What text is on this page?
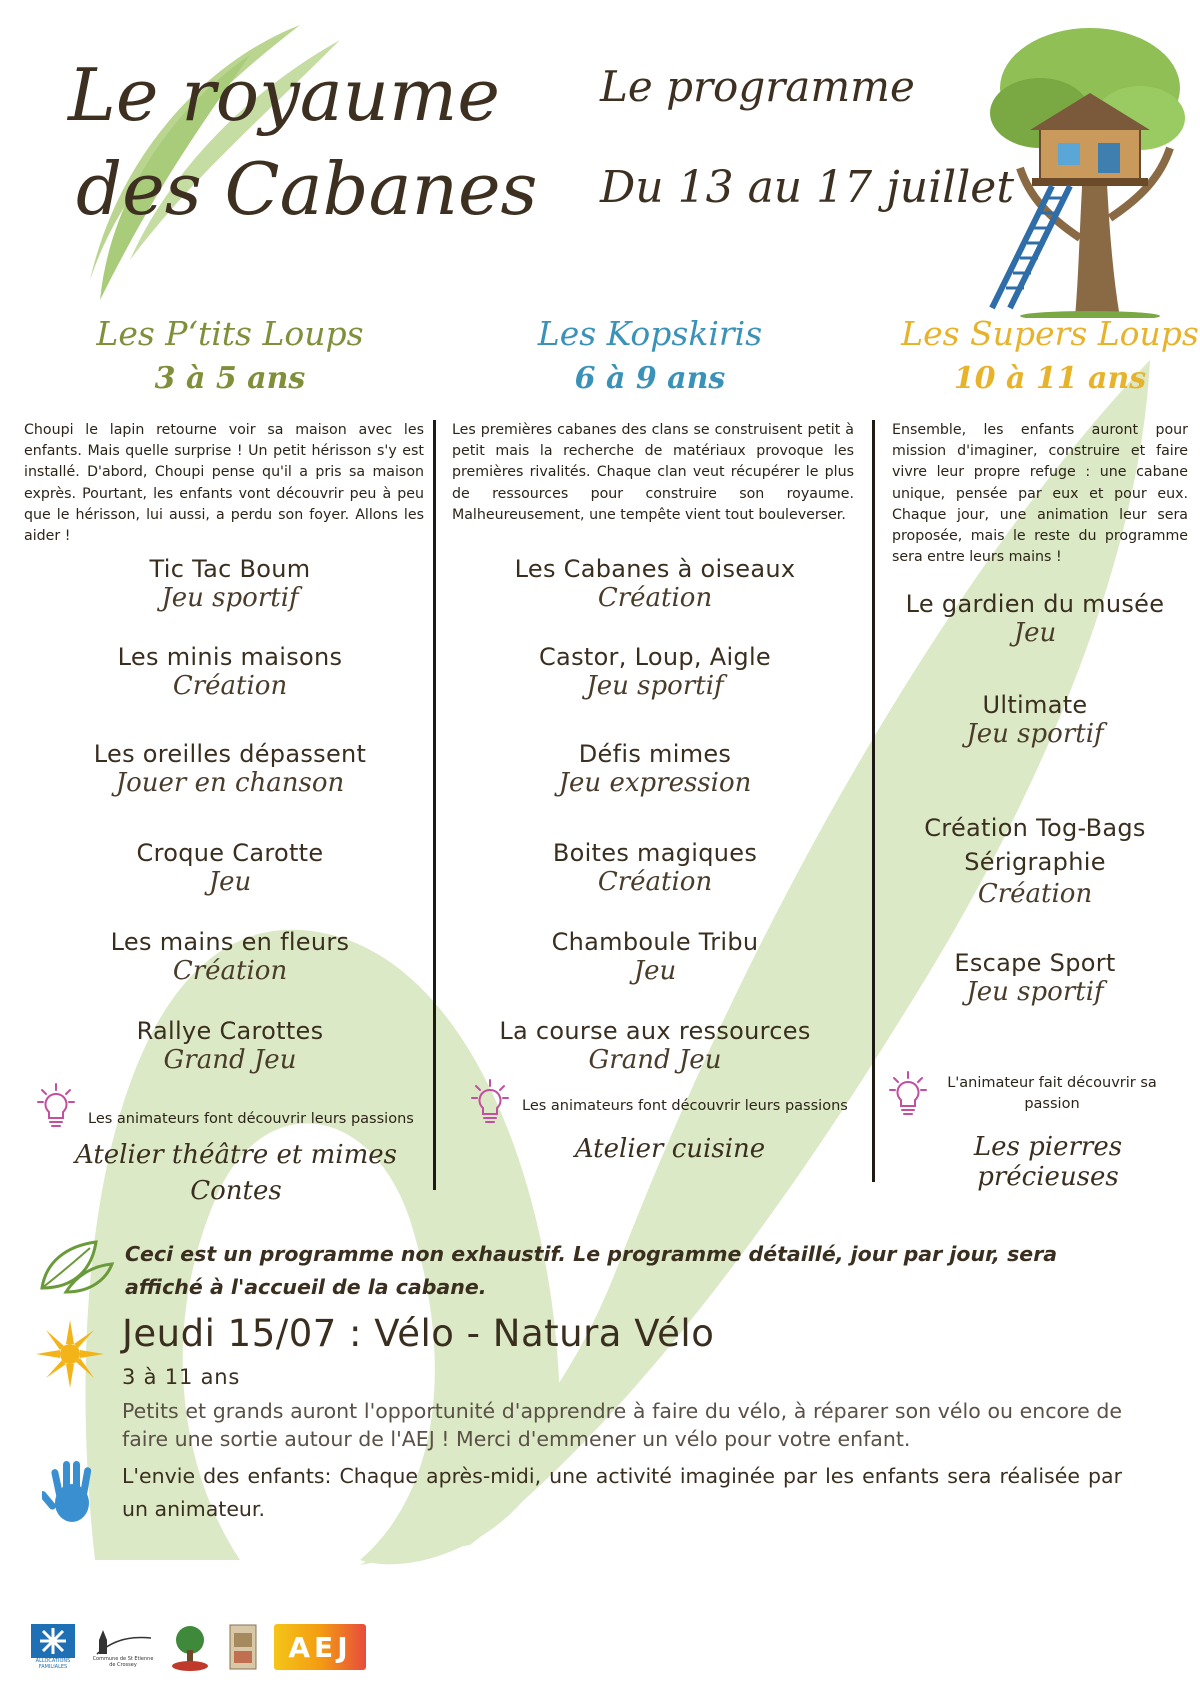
Le royaume
des Cabanes
Le programme
Du 13 au 17 juillet
Les P‘tits Loups
3 à 5 ans
Les Kopskiris
6 à 9 ans
Les Supers Loups
10 à 11 ans
Choupi le lapin retourne voir sa maison avec les enfants. Mais quelle surprise ! Un petit hérisson s'y est installé. D'abord, Choupi pense qu'il a pris sa maison exprès. Pourtant, les enfants vont découvrir peu à peu que le hérisson, lui aussi, a perdu son foyer. Allons les aider !
Les premières cabanes des clans se construisent petit à petit mais la recherche de matériaux provoque les premières rivalités. Chaque clan veut récupérer le plus de ressources pour construire son royaume. Malheureusement, une tempête vient tout bouleverser.
Ensemble, les enfants auront pour mission d'imaginer, construire et faire vivre leur propre refuge : une cabane unique, pensée par eux et pour eux. Chaque jour, une animation leur sera proposée, mais le reste du programme sera entre leurs mains !
Tic Tac Boum
Jeu sportif
Les minis maisons
Création
Les oreilles dépassent
Jouer en chanson
Croque Carotte
Jeu
Les mains en fleurs
Création
Rallye Carottes
Grand Jeu
Les Cabanes à oiseaux
Création
Castor, Loup, Aigle
Jeu sportif
Défis mimes
Jeu expression
Boites magiques
Création
Chamboule Tribu
Jeu
La course aux ressources
Grand Jeu
Le gardien du musée
Jeu
Ultimate
Jeu sportif
Création Tog-Bags Sérigraphie
Création
Escape Sport
Jeu sportif
Les animateurs font découvrir leurs passions
Atelier théâtre et mimes
Contes
Les animateurs font découvrir leurs passions
Atelier cuisine
L'animateur fait découvrir sa passion
Les pierres précieuses
Ceci est un programme non exhaustif. Le programme détaillé, jour par jour, sera affiché à l'accueil de la cabane.
Jeudi 15/07 : Vélo - Natura Vélo
3 à 11 ans
Petits et grands auront l'opportunité d'apprendre à faire du vélo, à réparer son vélo ou encore de faire une sortie autour de l'AEJ ! Merci d'emmener un vélo pour votre enfant.
L'envie des enfants: Chaque après-midi, une activité imaginée par les enfants sera réalisée par un animateur.
ALLOCATIONS FAMILIALES
Commune de St Etienne de Crossey
AEJ
